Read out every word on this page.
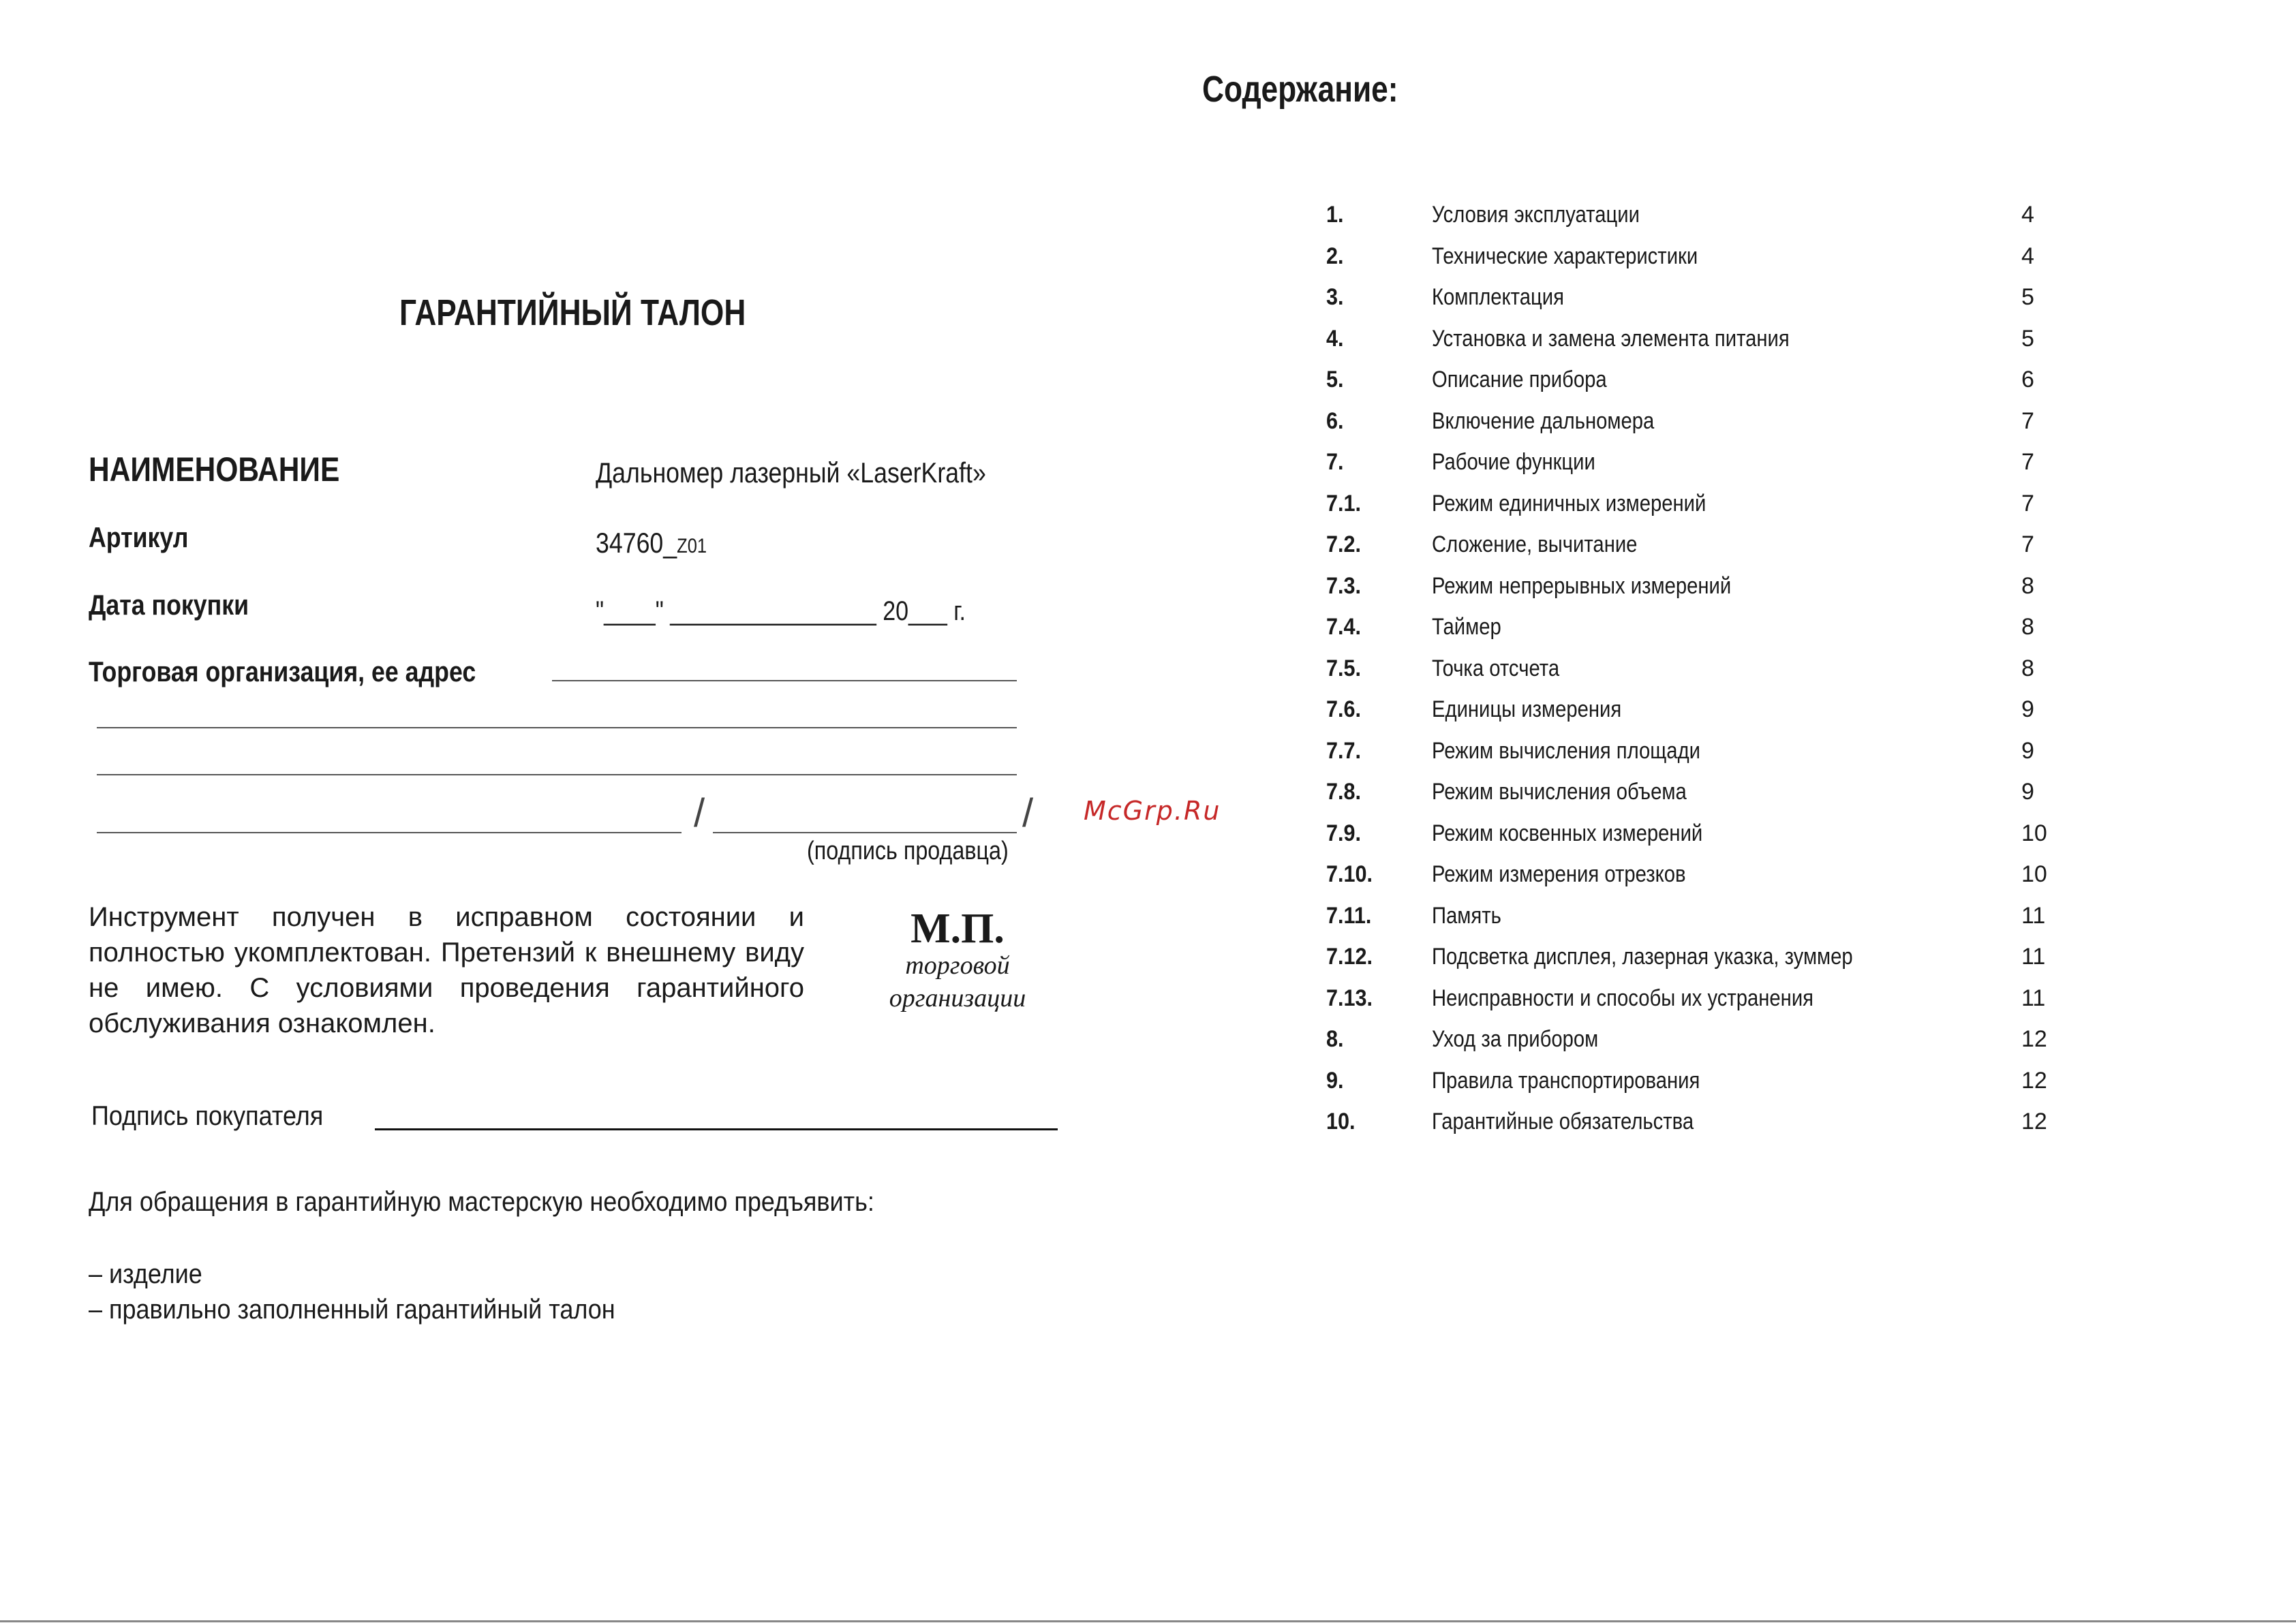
ГАРАНТИЙНЫЙ ТАЛОН
НАИМЕНОВАНИЕ	Дальномер лазерный «LaserKraft»
Артикул	34760_Z01
Дата покупки	"____" ________________ 20___ г.
Торговая организация, ее адрес
/	/
(подпись продавца)
McGrp.Ru
Инструмент получен в исправном состоянии и полностью укомплектован. Претензий к внешнему виду не имею. С условиями проведения гарантийного обслуживания ознакомлен.
М.П.
торговой
организации
Подпись покупателя
Для обращения в гарантийную мастерскую необходимо предъявить:
– изделие
– правильно заполненный гарантийный талон
Содержание:
1.	Условия эксплуатации	4
2.	Технические характеристики	4
3.	Комплектация	5
4.	Установка и замена элемента питания	5
5.	Описание прибора	6
6.	Включение дальномера	7
7.	Рабочие функции	7
7.1.	Режим единичных измерений	7
7.2.	Сложение, вычитание	7
7.3.	Режим непрерывных измерений	8
7.4.	Таймер	8
7.5.	Точка отсчета	8
7.6.	Единицы измерения	9
7.7.	Режим вычисления площади	9
7.8.	Режим вычисления объема	9
7.9.	Режим косвенных измерений	10
7.10.	Режим измерения отрезков	10
7.11.	Память	11
7.12.	Подсветка дисплея, лазерная указка, зуммер	11
7.13.	Неисправности и способы их устранения	11
8.	Уход за прибором	12
9.	Правила транспортирования	12
10.	Гарантийные обязательства	12
